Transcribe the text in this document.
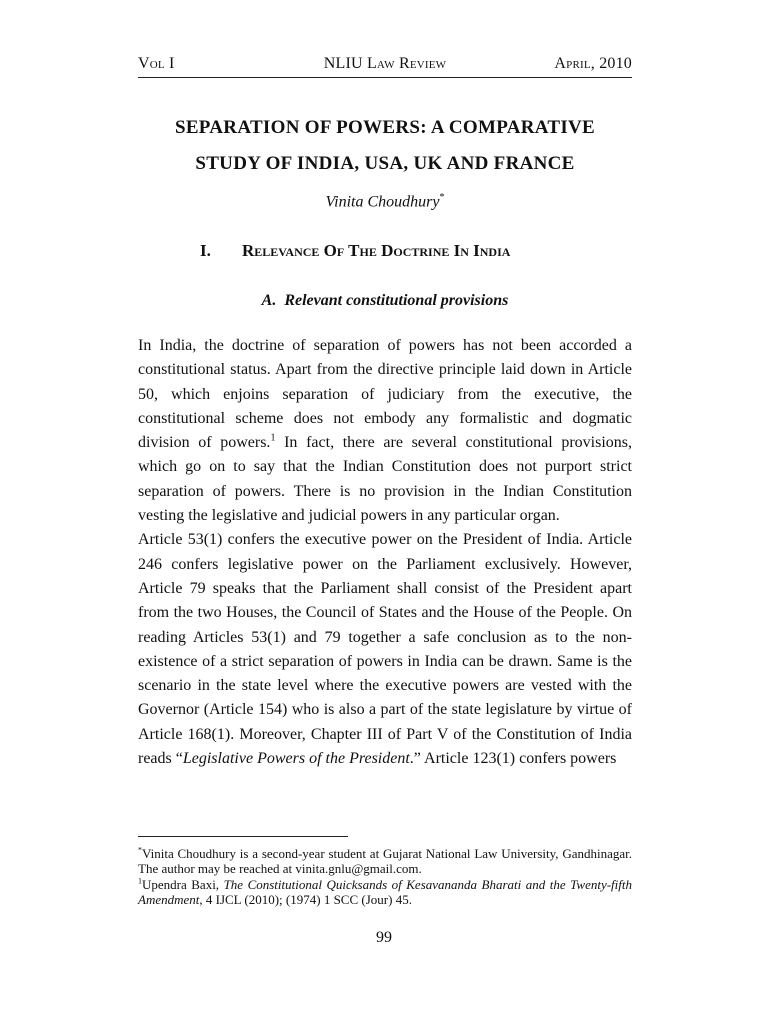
NLIU Law Review
Vol I	April, 2010
SEPARATION OF POWERS: A COMPARATIVE
STUDY OF INDIA, USA, UK AND FRANCE
Vinita Choudhury*
I. Relevance Of The Doctrine In India
A. Relevant constitutional provisions

In India, the doctrine of separation of powers has not been accorded a constitutional status. Apart from the directive principle laid down in Article 50, which enjoins separation of judiciary from the executive, the constitutional scheme does not embody any formalistic and dogmatic division of powers.$^1$ In fact, there are several constitutional provisions, which go on to say that the Indian Constitution does not purport strict separation of powers. There is no provision in the Indian Constitution vesting the legislative and judicial powers in any particular organ.

Article 53(1) confers the executive power on the President of India. Article 246 confers legislative power on the Parliament exclusively. However, Article 79 speaks that the Parliament shall consist of the President apart from the two Houses, the Council of States and the House of the People. On reading Articles 53(1) and 79 together a safe conclusion as to the non-existence of a strict separation of powers in India can be drawn. Same is the scenario in the state level where the executive powers are vested with the Governor (Article 154) who is also a part of the state legislature by virtue of Article 168(1). Moreover, Chapter III of Part V of the Constitution of India reads “Legislative Powers of the President.” Article 123(1) confers powers

*Vinita Choudhury is a second-year student at Gujarat National Law University, Gandhinagar. The author may be reached at vinita.gnlu@gmail.com.

$^1$Upendra Baxi, The Constitutional Quicksands of Kesavananda Bharati and the Twenty-fifth Amendment, 4 IJCL (2010); (1974) 1 SCC (Jour) 45.

99
